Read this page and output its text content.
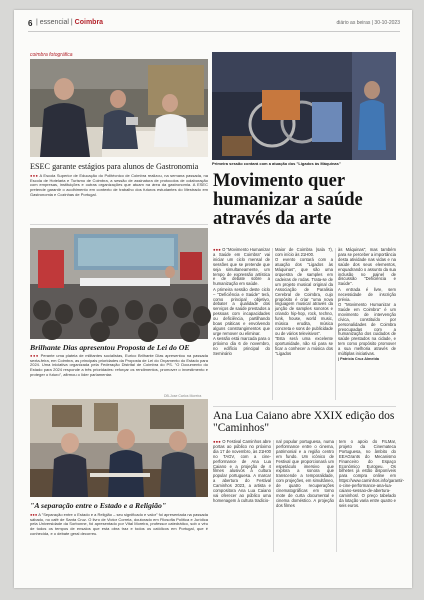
6 | essencial | Coimbra	diário as beiras | 30-10-2023
coimbra fotográfica
Primeira sessão contará com a atuação dos "Ligados às Máquinas"
ESEC garante estágios para alunos de Gastronomia
●●● A Escola Superior de Educação do Politécnico de Coimbra realizou, na semana passada, na Escola de Hotelaria e Turismo de Coimbra, a sessão de assinatura de protocolos de colaboração com empresas, instituições e outras organizações que atuam na área da gastronomia. A ESEC pretende garantir o acolhimento em contexto de trabalho dos futuros estudantes do Mestrado em Gastronomia e Cozinhas de Portugal.
Movimento quer humanizar a saúde através da arte
Brilhante Dias apresentou Proposta de Lei do OE
●●● Perante uma plateia de militantes socialistas, Eurico Brilhante Dias apresentou na passada sexta-feira, em Coimbra, as principais prioridades da Proposta de Lei do Orçamento do Estado para 2024. Uma iniciativa organizada pela Federação Distrital de Coimbra do PS. "O Documento do Estado para 2024 responde a três prioridades: reforçar os rendimentos, promover o investimento e proteger o futuro", afirmou o líder parlamentar.
DB-Jose Carlos Moreira
"A separação entre o Estado e a Religião"
●●● A "Separação entre o Estado e a Religião – seu significado e valor" foi apresentada na passada sábado, no café de Santa Cruz. O livro de Victor Correia, doutorado em Filosofia Política e Jurídica pela Universidade da Sorbonne, foi apresentado por Vital Moreira, professor catedrático, sob o véu de todos os tempos de ensaios que esta obra traz e todos os católicos em Portugal, que é conhecida, e o debate geral decorreu.

●●● O "Movimento Humanizar a Saúde em Coimbra" vai iniciar um ciclo mensal de sessões que se pretende que seja simultaneamente, um tempo de expressão artística e de debate sobre a humanização em saúde.

A primeira sessão deste ciclo – "Deficiência e Saúde" terá, como principal objetivo, debater a qualidade dos serviços de saúde prestados a pessoas com incapacidades ou deficiência, partilhando boas práticas e envolvendo alguns constrangimentos que urge remover ou eliminar.

A sessão está marcada para o próximo dia 6 de novembro, no edifício principal do Seminário

Maior de Coimbra (sala 7), com início às 21H00.

O evento contará com a atuação dos "Ligados às Máquinas", que são uma orquestra de samples em cadeiras de rodas. Trata-se de um projeto musical original da Associação de Paralisia Cerebral de Coimbra, cujo propósito é criar "uma nova linguagem musical através da junção de samples sonoros e criando hip-hop, rock, techno, funk, house, world music, música erudita, música concreta e sons de publicidade ou de vários televisivos".

"Esta será uma excelente oportunidade, não só para se ficar a conhecer a música dos "Ligados

às Máquinas", mas também para se perceber a importância desta atividade nas vidas e na saúde dos seus elementos, enquadrando o assunto da sua inclusão no painel de discussão "Deficiência e Saúde".

A entrada é livre, sem necessidade de inscrição prévia.

O "Movimento Humanizar a Saúde em Coimbra" é um movimento de intervenção cívica, constituído por personalidades de Coimbra preocupadas com a humanização dos cuidados de saúde prestados na cidade, e tem como propósito promover a sua melhoria através de múltiplas iniciativas.

| Patrícia Cruz Almeida

Ana Lua Caiano abre XXIX edição dos "Caminhos"
●●● O Festival Caminhos abre portas ao público no próximo dia 17 de novembro, às 21H00 no TAGV, com a cine-performance de Ana Lua Caiano e a projeção de 4 filmes alusivos à cultura popular portuguesa. A marcar a abertura do Festival Caminhos 2023, a artista e compositora Ana Lua Caiano vai oferecer ao público uma homenagem à cultura tradicio-
nal popular portuguesa, numa performance entre o cinema, patrimonial e a região centro em fundo. Um icónico de Festival que proporcionará um espetáculo imersivo que explora a sonora que transcende a temporalidade, com projeções, em simultâneo, de quatro recuperações cinematográficas em torno mote de curta documental e cinema doméstico. A projeção dos filmes
tem o apoio do FILMar, projeto da Cinemateca Portuguesa, no âmbito do EEAGrants do Mecanismo Financeiro do Espaço Económico Europeu. Os bilhetes já estão disponíveis para compra online em https://www.caminhos.info/garantir-o-cine-performance-ana-lua-caiano-sessao-de-abertura-caminhos/. O preço tabelado da lotação varia entre quatro e seis euros.
